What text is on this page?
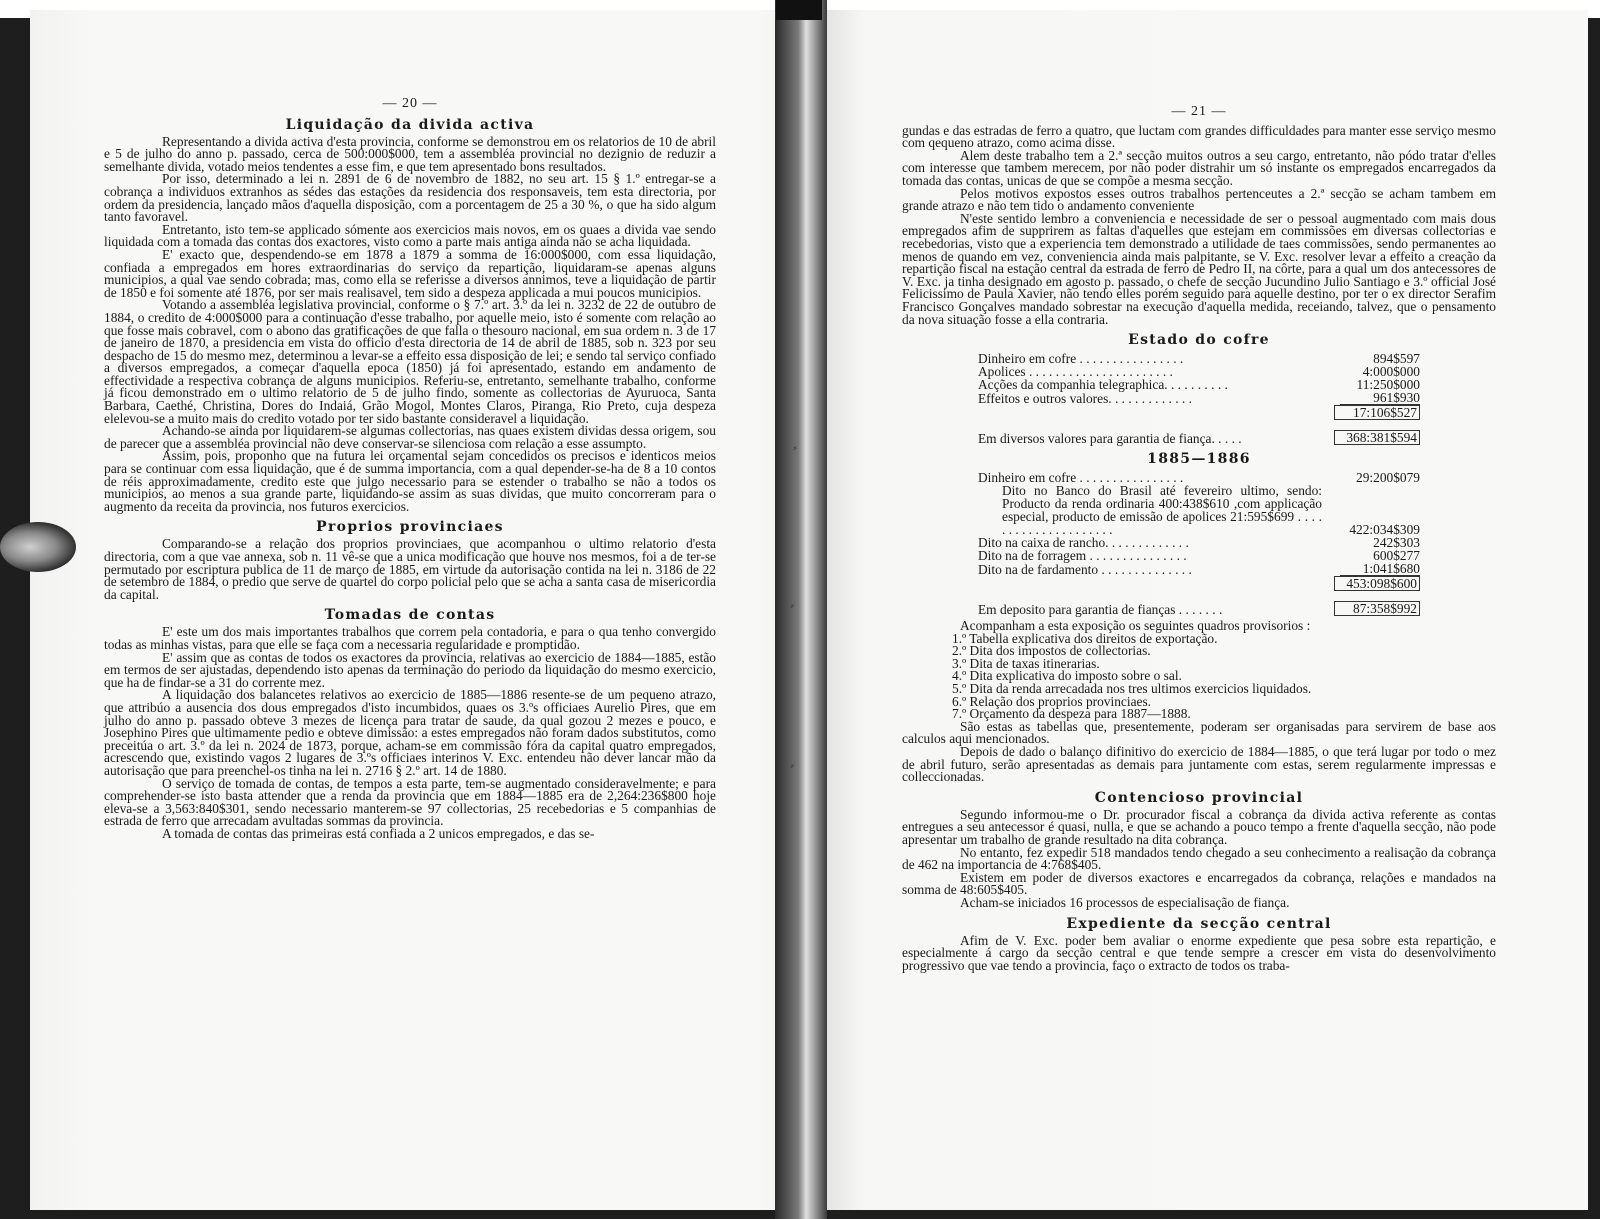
⸗
⸗
⸗
— 20 —
Liquidação da divida activa

Representando a divida activa d'esta provincia, conforme se demonstrou em os relatorios de 10 de abril e 5 de julho do anno p. passado, cerca de 500:000$000, tem a assembléa provincial no dezignio de reduzir a semelhante divida, votado meios tendentes a esse fim, e que tem apresentado bons resultados.

Por isso, determinado a lei n. 2891 de 6 de novembro de 1882, no seu art. 15 § 1.º entregar-se a cobrança a individuos extranhos as sédes das estações da residencia dos responsaveis, tem esta directoria, por ordem da presidencia, lançado mãos d'aquella disposição, com a porcentagem de 25 a 30 %, o que ha sido algum tanto favoravel.

Entretanto, isto tem-se applicado sómente aos exercicios mais novos, em os quaes a divida vae sendo liquidada com a tomada das contas dos exactores, visto como a parte mais antiga ainda não se acha liquidada.

E' exacto que, despendendo-se em 1878 a 1879 a somma de 16:000$000, com essa liquidação, confiada a empregados em hores extraordinarias do serviço da repartição, liquidaram-se apenas alguns municipios, a qual vae sendo cobrada; mas, como ella se referisse a diversos annimos, teve a liquidação de partir de 1850 e foi somente até 1876, por ser mais realisavel, tem sido a despeza applicada a mui poucos municipios.

Votando a assembléa legislativa provincial, conforme o § 7.º art. 3.º da lei n. 3232 de 22 de outubro de 1884, o credito de 4:000$000 para a continuação d'esse trabalho, por aquelle meio, isto é somente com relação ao que fosse mais cobravel, com o abono das gratificações de que falla o thesouro nacional, em sua ordem n. 3 de 17 de janeiro de 1870, a presidencia em vista do officio d'esta directoria de 14 de abril de 1885, sob n. 323 por seu despacho de 15 do mesmo mez, determinou a levar-se a effeito essa disposição de lei; e sendo tal serviço confiado a diversos empregados, a começar d'aquella epoca (1850) já foi apresentado, estando em andamento de effectividade a respectiva cobrança de alguns municipios. Referiu-se, entretanto, semelhante trabalho, conforme já ficou demonstrado em o ultimo relatorio de 5 de julho findo, somente as collectorias de Ayuruoca, Santa Barbara, Caethé, Christina, Dores do Indaiá, Grão Mogol, Montes Claros, Piranga, Rio Preto, cuja despeza elelevou-se a muito mais do credito votado por ter sido bastante consideravel a liquidação.

Achando-se ainda por liquidarem-se algumas collectorias, nas quaes existem dividas dessa origem, sou de parecer que a assembléa provincial não deve conservar-se silenciosa com relação a esse assumpto.

Assim, pois, proponho que na futura lei orçamental sejam concedidos os precisos e identicos meios para se continuar com essa liquidação, que é de summa importancia, com a qual depender-se-ha de 8 a 10 contos de réis approximadamente, credito este que julgo necessario para se estender o trabalho se não a todos os municipios, ao menos a sua grande parte, liquidando-se assim as suas dividas, que muito concorreram para o augmento da receita da provincia, nos futuros exercicios.

Proprios provinciaes

Comparando-se a relação dos proprios provinciaes, que acompanhou o ultimo relatorio d'esta directoria, com a que vae annexa, sob n. 11 vê-se que a unica modificação que houve nos mesmos, foi a de ter-se permutado por escriptura publica de 11 de março de 1885, em virtude da autorisação contida na lei n. 3186 de 22 de setembro de 1884, o predio que serve de quartel do corpo policial pelo que se acha a santa casa de misericordia da capital.

Tomadas de contas

E' este um dos mais importantes trabalhos que correm pela contadoria, e para o qua tenho convergido todas as minhas vistas, para que elle se faça com a necessaria regularidade e promptidão.

E' assim que as contas de todos os exactores da provincia, relativas ao exercicio de 1884—1885, estão em termos de ser ajustadas, dependendo isto apenas da terminação do periodo da liquidação do mesmo exercicio, que ha de findar-se a 31 do corrente mez.

A liquidação dos balancetes relativos ao exercicio de 1885—1886 resente-se de um pequeno atrazo, que attribúo a ausencia dos dous empregados d'isto incumbidos, quaes os 3.ºs officiaes Aurelio Pires, que em julho do anno p. passado obteve 3 mezes de licença para tratar de saude, da qual gozou 2 mezes e pouco, e Josephino Pires que ultimamente pedio e obteve dimissão: a estes empregados não foram dados substitutos, como preceitúa o art. 3.º da lei n. 2024 de 1873, porque, acham-se em commissão fóra da capital quatro empregados, acrescendo que, existindo vagos 2 lugares de 3.ºs officiaes interinos V. Exc. entendeu não dever lancar mão da autorisação que para preenchel-os tinha na lei n. 2716 § 2.º art. 14 de 1880.

O serviço de tomada de contas, de tempos a esta parte, tem-se augmentado consideravelmente; e para comprehender-se isto basta attender que a renda da provincia que em 1884—1885 era de 2,264:236$800 hoje eleva-se a 3,563:840$301, sendo necessario manterem-se 97 collectorias, 25 recebedorias e 5 companhias de estrada de ferro que arrecadam avultadas sommas da provincia.

A tomada de contas das primeiras está confiada a 2 unicos empregados, e das se-

— 21 —

gundas e das estradas de ferro a quatro, que luctam com grandes difficuldades para manter esse serviço mesmo com qequeno atrazo, como acima disse.

Alem deste trabalho tem a 2.ª secção muitos outros a seu cargo, entretanto, não pódo tratar d'elles com interesse que tambem merecem, por não poder distrahir um só instante os empregados encarregados da tomada das contas, unicas de que se compõe a mesma secção.

Pelos motivos expostos esses outros trabalhos pertenceutes a 2.ª secção se acham tambem em grande atrazo e não tem tido o andamento conveniente

N'este sentido lembro a conveniencia e necessidade de ser o pessoal augmentado com mais dous empregados afim de supprirem as faltas d'aquelles que estejam em commissões em diversas collectorias e recebedorias, visto que a experiencia tem demonstrado a utilidade de taes commissões, sendo permanentes ao menos de quando em vez, conveniencia ainda mais palpitante, se V. Exc. resolver levar a effeito a creação da repartição fiscal na estação central da estrada de ferro de Pedro II, na côrte, para a qual um dos antecessores de V. Exc. ja tinha designado em agosto p. passado, o chefe de secção Jucundino Julio Santiago e 3.º official José Felicissimo de Paula Xavier, não tendo elles porém seguido para aquelle destino, por ter o ex director Serafim Francisco Gonçalves mandado sobrestar na execução d'aquella medida, receiando, talvez, que o pensamento da nova situação fosse a ella contraria.

Estado do cofre
Dinheiro em cofre . . . . . . . . . . . . . . . .	894$597
Apolices . . . . . . . . . . . . . . . . . . . . . .	4:000$000
Acções da companhia telegraphica. . . . . . . . . .	11:250$000
Effeitos e outros valores. . . . . . . . . . . . .	961$930
17:106$527
Em diversos valores para garantia de fiança. . . . .	368:381$594
1885—1886
Dinheiro em cofre . . . . . . . . . . . . . . . .	29:200$079
Dito no Banco do Brasil até fevereiro ultimo, sendo: Producto da renda ordinaria 400:438$610 ,com applicação especial, producto de emissão de apolices 21:595$699 . . . . . . . . . . . . . . . . . . . . .	422:034$309
Dito na caixa de rancho. . . . . . . . . . . . .	242$303
Dito na de forragem . . . . . . . . . . . . . . .	600$277
Dito na de fardamento . . . . . . . . . . . . . .	1:041$680
453:098$600
Em deposito para garantia de fianças . . . . . . .	87:358$992

Acompanham a esta exposição os seguintes quadros provisorios :

1.º Tabella explicativa dos direitos de exportação.
2.º Dita dos impostos de collectorias.
3.º Dita de taxas itinerarias.
4.º Dita explicativa do imposto sobre o sal.
5.º Dita da renda arrecadada nos tres ultimos exercicios liquidados.
6.º Relação dos proprios provinciaes.
7.º Orçamento da despeza para 1887—1888.

São estas as tabellas que, presentemente, poderam ser organisadas para servirem de base aos calculos aqui mencionados.

Depois de dado o balanço difinitivo do exercicio de 1884—1885, o que terá lugar por todo o mez de abril futuro, serão apresentadas as demais para juntamente com estas, serem regularmente impressas e colleccionadas.

Contencioso provincial

Segundo informou-me o Dr. procurador fiscal a cobrança da divida activa referente as contas entregues a seu antecessor é quasi, nulla, e que se achando a pouco tempo a frente d'aquella secção, não pode apresentar um trabalho de grande resultado na dita cobrança.

No entanto, fez expedir 518 mandados tendo chegado a seu conhecimento a realisação da cobrança de 462 na importancia de 4:768$405.

Existem em poder de diversos exactores e encarregados da cobrança, relações e mandados na somma de 48:605$405.

Acham-se iniciados 16 processos de especialisação de fiança.

Expediente da secção central

Afim de V. Exc. poder bem avaliar o enorme expediente que pesa sobre esta repartição, e especialmente á cargo da secção central e que tende sempre a crescer em vista do desenvolvimento progressivo que vae tendo a provincia, faço o extracto de todos os traba-
